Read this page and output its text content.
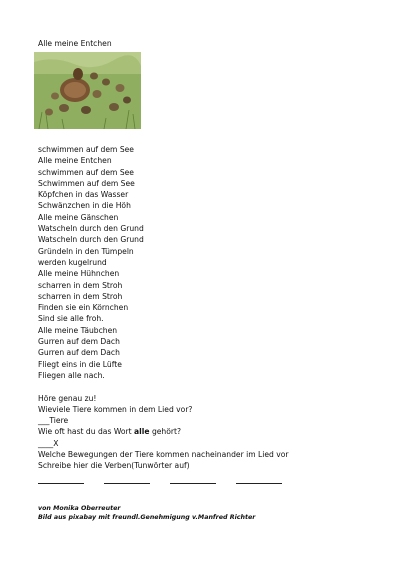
Alle meine Entchen
schwimmen auf dem See
Alle meine Entchen
schwimmen auf dem See
Schwimmen auf dem See
Köpfchen in das Wasser
Schwänzchen in die Höh
Alle meine Gänschen
Watscheln durch den Grund
Watscheln durch den Grund
Gründeln in den Tümpeln
werden kugelrund
Alle meine Hühnchen
scharren in dem Stroh
scharren in dem Stroh
Finden sie ein Körnchen
Sind sie alle froh.
Alle meine Täubchen
Gurren auf dem Dach
Gurren auf dem Dach
Fliegt eins in die Lüfte
Fliegen alle nach.
Höre genau zu!
Wieviele Tiere kommen in dem Lied vor?
___Tiere
Wie oft hast du das Wort alle gehört?
____X
Welche Bewegungen der Tiere kommen nacheinander im Lied vor
Schreibe hier die Verben(Tunwörter auf)
von Monika Oberreuter
Bild aus pixabay mit freundl.Genehmigung v.Manfred Richter
